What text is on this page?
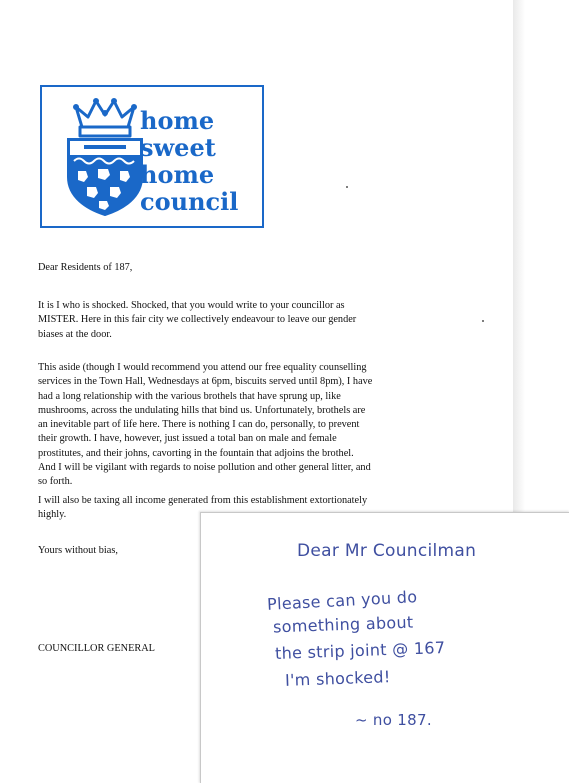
home
sweet
home
council

Dear Residents of 187,

It is I who is shocked. Shocked, that you would write to your councillor as
MISTER. Here in this fair city we collectively endeavour to leave our gender
biases at the door.

This aside (though I would recommend you attend our free equality counselling
services in the Town Hall, Wednesdays at 6pm, biscuits served until 8pm), I have
had a long relationship with the various brothels that have sprung up, like
mushrooms, across the undulating hills that bind us. Unfortunately, brothels are
an inevitable part of life here. There is nothing I can do, personally, to prevent
their growth. I have, however, just issued a total ban on male and female
prostitutes, and their johns, cavorting in the fountain that adjoins the brothel.
And I will be vigilant with regards to noise pollution and other general litter, and
so forth.

I will also be taxing all income generated from this establishment extortionately
highly.

Yours without bias,

COUNCILLOR GENERAL

Dear Mr Councilman

Please can you do

something about

the strip joint @ 167

I'm shocked!

~ no 187.
